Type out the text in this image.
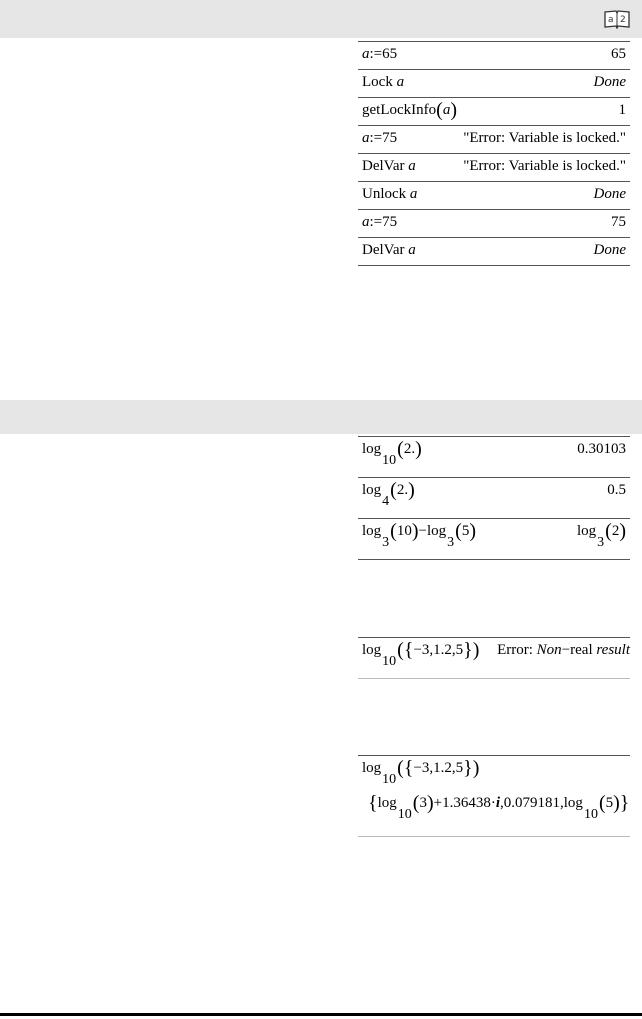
a 2
a:=65	65
Lock a	Done
getLockInfo(a)	1
a:=75	"Error: Variable is locked."
DelVar a	"Error: Variable is locked."
Unlock a	Done
a:=75	75
DelVar a	Done
log10(2.)	0.30103
log4(2.)	0.5
log3(10)−log3(5)	log3(2)
log10({−3,1.2,5}) Error: Non−real result
log10({−3,1.2,5})
{log10(3)+1.36438·i,0.079181,log10(5)}
